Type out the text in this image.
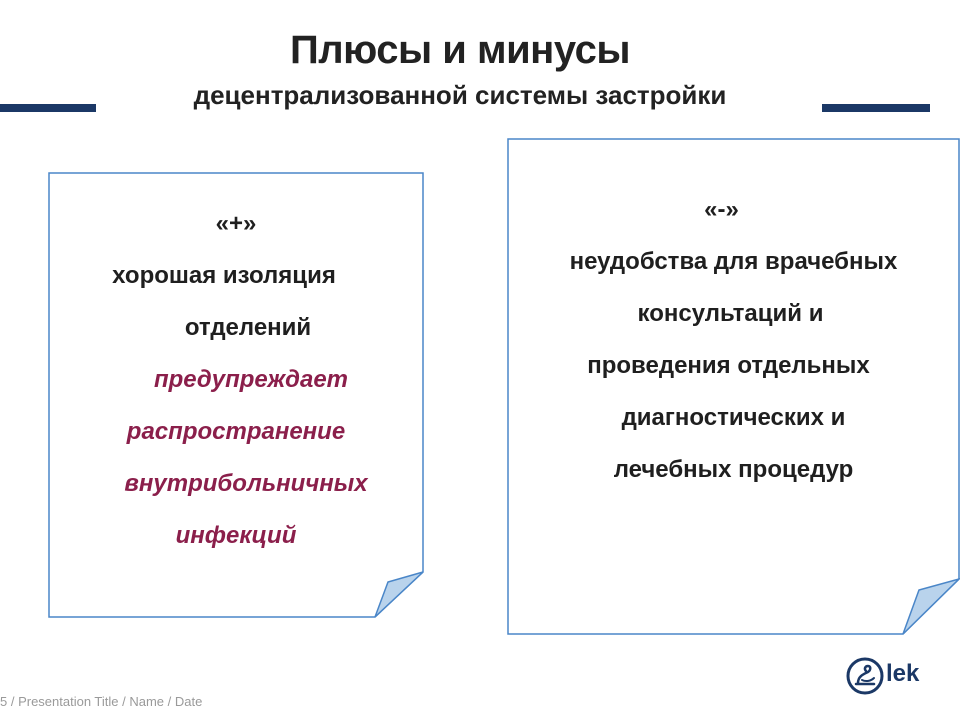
Плюсы и минусы
децентрализованной системы застройки
«+»
хорошая изоляция
отделений
предупреждает
распространение
внутрибольничных
инфекций
«-»
неудобства для врачебных
консультаций и
проведения отдельных
диагностических и
лечебных процедур
5 / Presentation Title / Name / Date
lek
